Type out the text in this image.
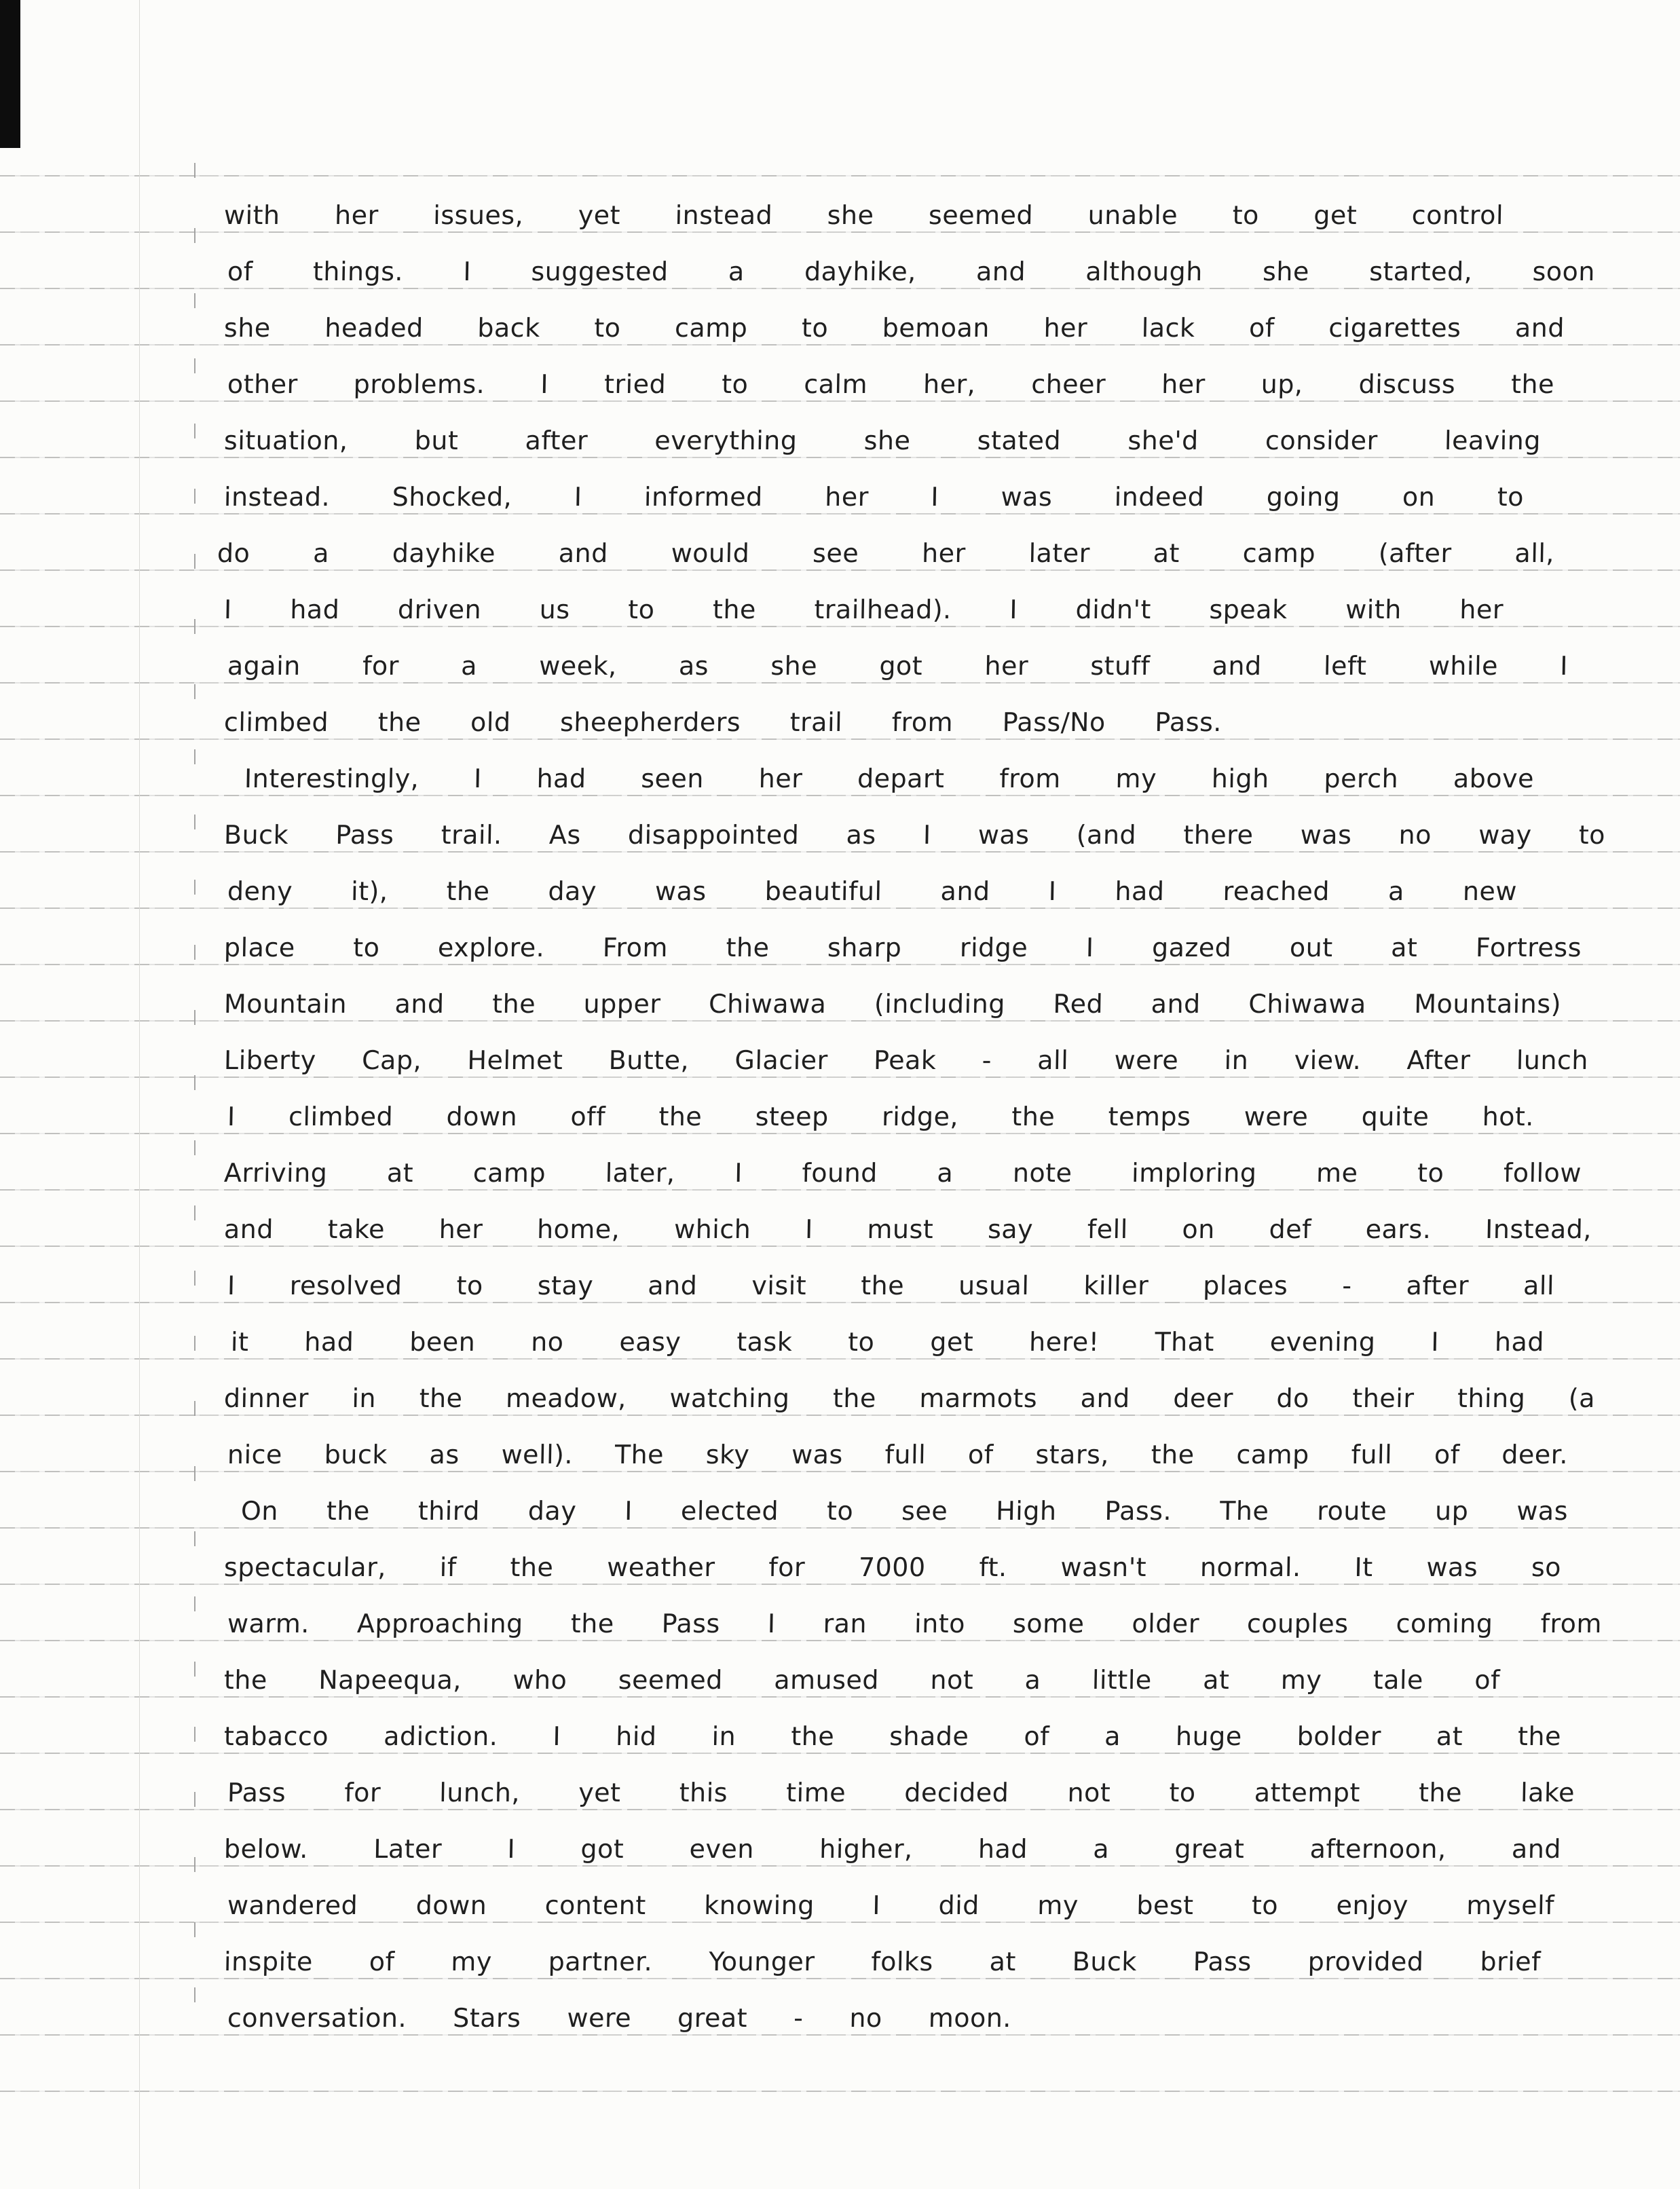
with her issues, yet instead she seemed unable to get control
of things. I suggested a dayhike, and although she started, soon
she headed back to camp to bemoan her lack of cigarettes and
other problems. I tried to calm her, cheer her up, discuss the
situation, but after everything she stated she'd consider leaving
instead. Shocked, I informed her I was indeed going on to
do a dayhike and would see her later at camp (after all,
I had driven us to the trailhead). I didn't speak with her
again for a week, as she got her stuff and left while I
climbed the old sheepherders trail from Pass/No Pass.
Interestingly, I had seen her depart from my high perch above
Buck Pass trail. As disappointed as I was (and there was no way to
deny it), the day was beautiful and I had reached a new
place to explore. From the sharp ridge I gazed out at Fortress
Mountain and the upper Chiwawa (including Red and Chiwawa Mountains)
Liberty Cap, Helmet Butte, Glacier Peak - all were in view. After lunch
I climbed down off the steep ridge, the temps were quite hot.
Arriving at camp later, I found a note imploring me to follow
and take her home, which I must say fell on def ears. Instead,
I resolved to stay and visit the usual killer places - after all
it had been no easy task to get here! That evening I had
dinner in the meadow, watching the marmots and deer do their thing (a
nice buck as well). The sky was full of stars, the camp full of deer.
On the third day I elected to see High Pass. The route up was
spectacular, if the weather for 7000 ft. wasn't normal. It was so
warm. Approaching the Pass I ran into some older couples coming from
the Napeequa, who seemed amused not a little at my tale of
tabacco adiction. I hid in the shade of a huge bolder at the
Pass for lunch, yet this time decided not to attempt the lake
below. Later I got even higher, had a great afternoon, and
wandered down content knowing I did my best to enjoy myself
inspite of my partner. Younger folks at Buck Pass provided brief
conversation. Stars were great - no moon.
